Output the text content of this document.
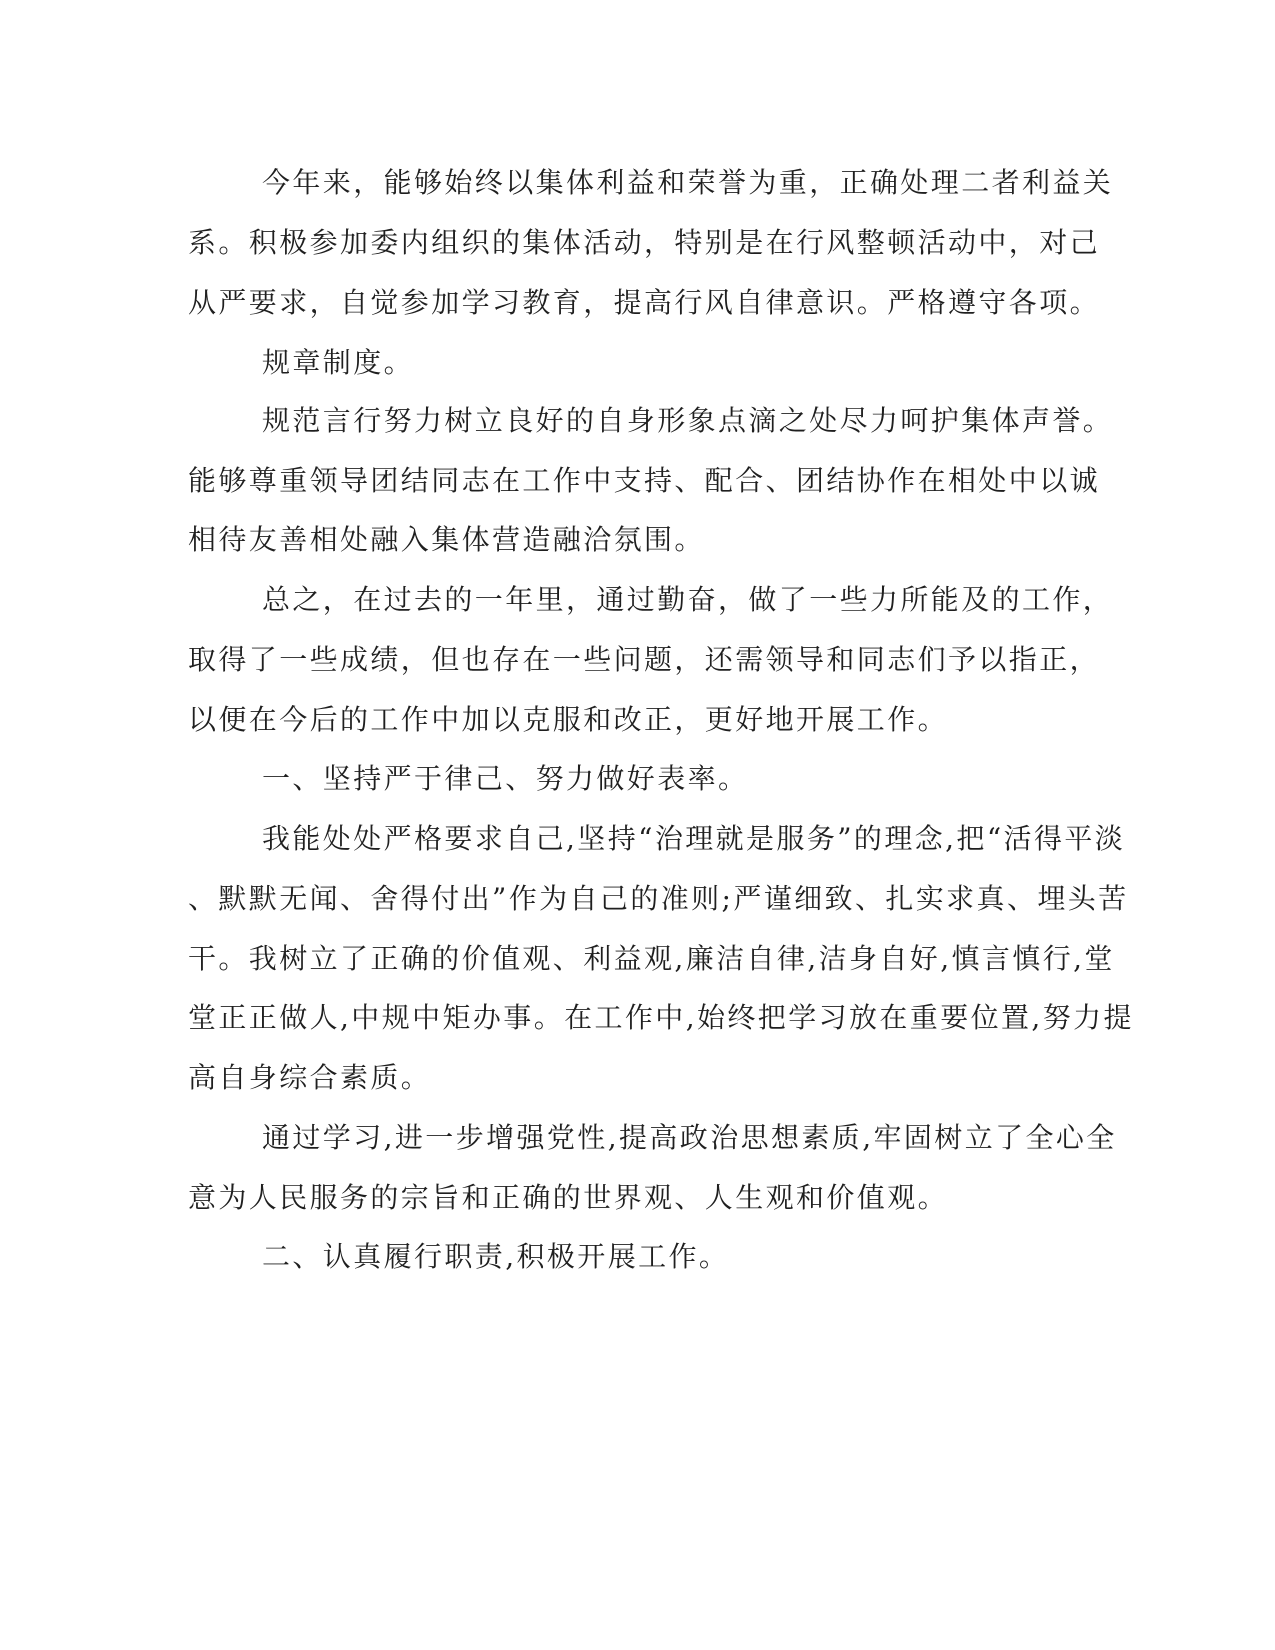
今年来，能够始终以集体利益和荣誉为重，正确处理二者利益关

系。积极参加委内组织的集体活动，特别是在行风整顿活动中，对己

从严要求，自觉参加学习教育，提高行风自律意识。严格遵守各项。

规章制度。

规范言行努力树立良好的自身形象点滴之处尽力呵护集体声誉。

能够尊重领导团结同志在工作中支持、配合、团结协作在相处中以诚

相待友善相处融入集体营造融洽氛围。

总之，在过去的一年里，通过勤奋，做了一些力所能及的工作，

取得了一些成绩，但也存在一些问题，还需领导和同志们予以指正，

以便在今后的工作中加以克服和改正，更好地开展工作。

一、坚持严于律己、努力做好表率。

我能处处严格要求自己,坚持“治理就是服务”的理念,把“活得平淡

、默默无闻、舍得付出”作为自己的准则;严谨细致、扎实求真、埋头苦

干。我树立了正确的价值观、利益观,廉洁自律,洁身自好,慎言慎行,堂

堂正正做人,中规中矩办事。在工作中,始终把学习放在重要位置,努力提

高自身综合素质。

通过学习,进一步增强党性,提高政治思想素质,牢固树立了全心全

意为人民服务的宗旨和正确的世界观、人生观和价值观。

二、认真履行职责,积极开展工作。
